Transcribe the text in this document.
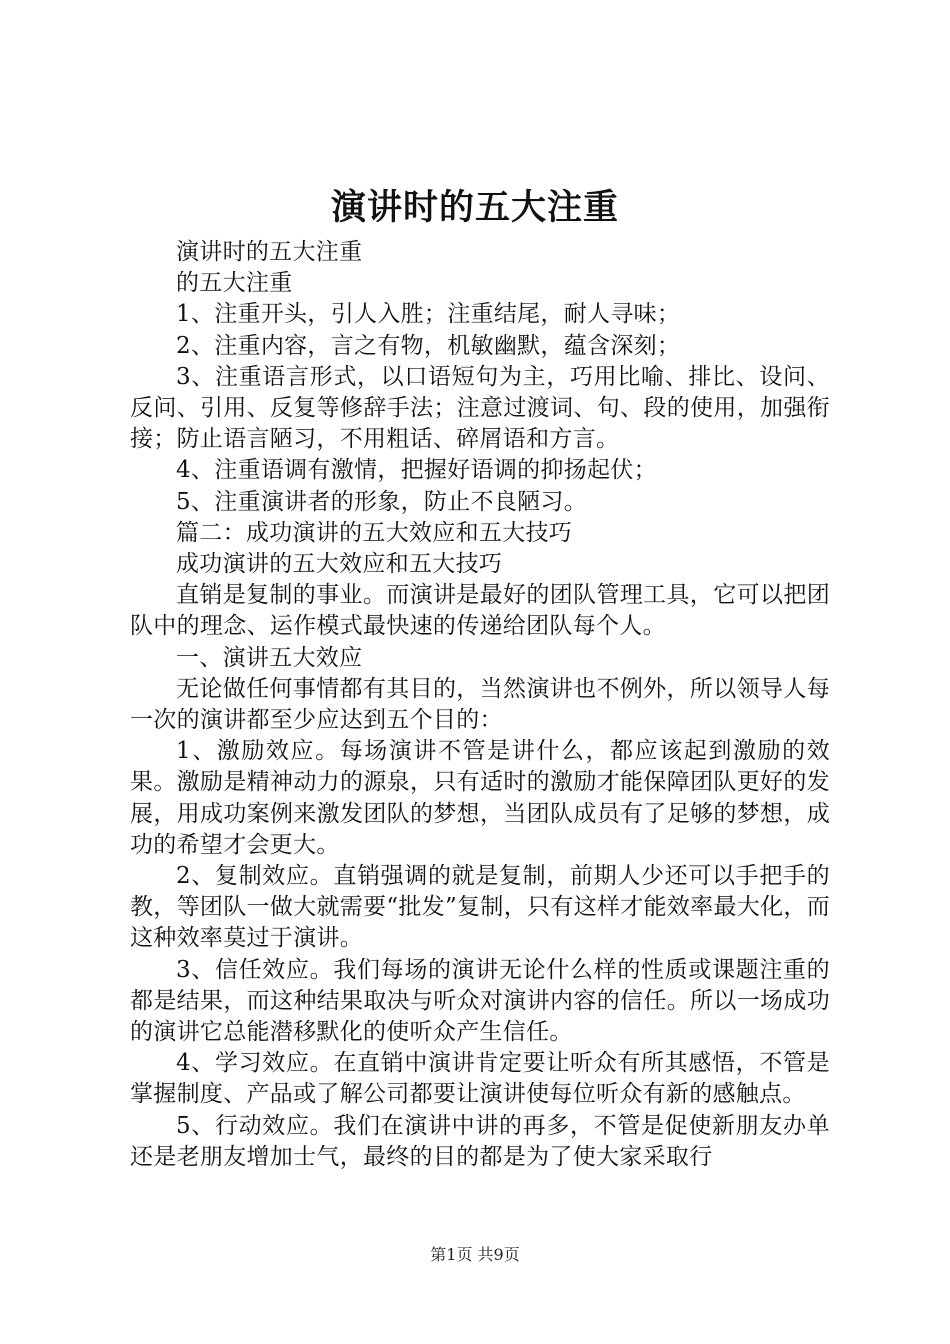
演讲时的五大注重

演讲时的五大注重

的五大注重

1、注重开头，引人入胜；注重结尾，耐人寻味；

2、注重内容，言之有物，机敏幽默，蕴含深刻；

3、注重语言形式，以口语短句为主，巧用比喻、排比、设问、反问、引用、反复等修辞手法；注意过渡词、句、段的使用，加强衔接；防止语言陋习，不用粗话、碎屑语和方言。

4、注重语调有激情，把握好语调的抑扬起伏；

5、注重演讲者的形象，防止不良陋习。

篇二：成功演讲的五大效应和五大技巧

成功演讲的五大效应和五大技巧

直销是复制的事业。而演讲是最好的团队管理工具，它可以把团队中的理念、运作模式最快速的传递给团队每个人。

一、演讲五大效应

无论做任何事情都有其目的，当然演讲也不例外，所以领导人每一次的演讲都至少应达到五个目的：

1、激励效应。每场演讲不管是讲什么，都应该起到激励的效果。激励是精神动力的源泉，只有适时的激励才能保障团队更好的发展，用成功案例来激发团队的梦想，当团队成员有了足够的梦想，成功的希望才会更大。

2、复制效应。直销强调的就是复制，前期人少还可以手把手的教，等团队一做大就需要“批发”复制，只有这样才能效率最大化，而这种效率莫过于演讲。

3、信任效应。我们每场的演讲无论什么样的性质或课题注重的都是结果，而这种结果取决与听众对演讲内容的信任。所以一场成功的演讲它总能潜移默化的使听众产生信任。

4、学习效应。在直销中演讲肯定要让听众有所其感悟，不管是掌握制度、产品或了解公司都要让演讲使每位听众有新的感触点。

5、行动效应。我们在演讲中讲的再多，不管是促使新朋友办单还是老朋友增加士气，最终的目的都是为了使大家采取行

第1页 共9页
